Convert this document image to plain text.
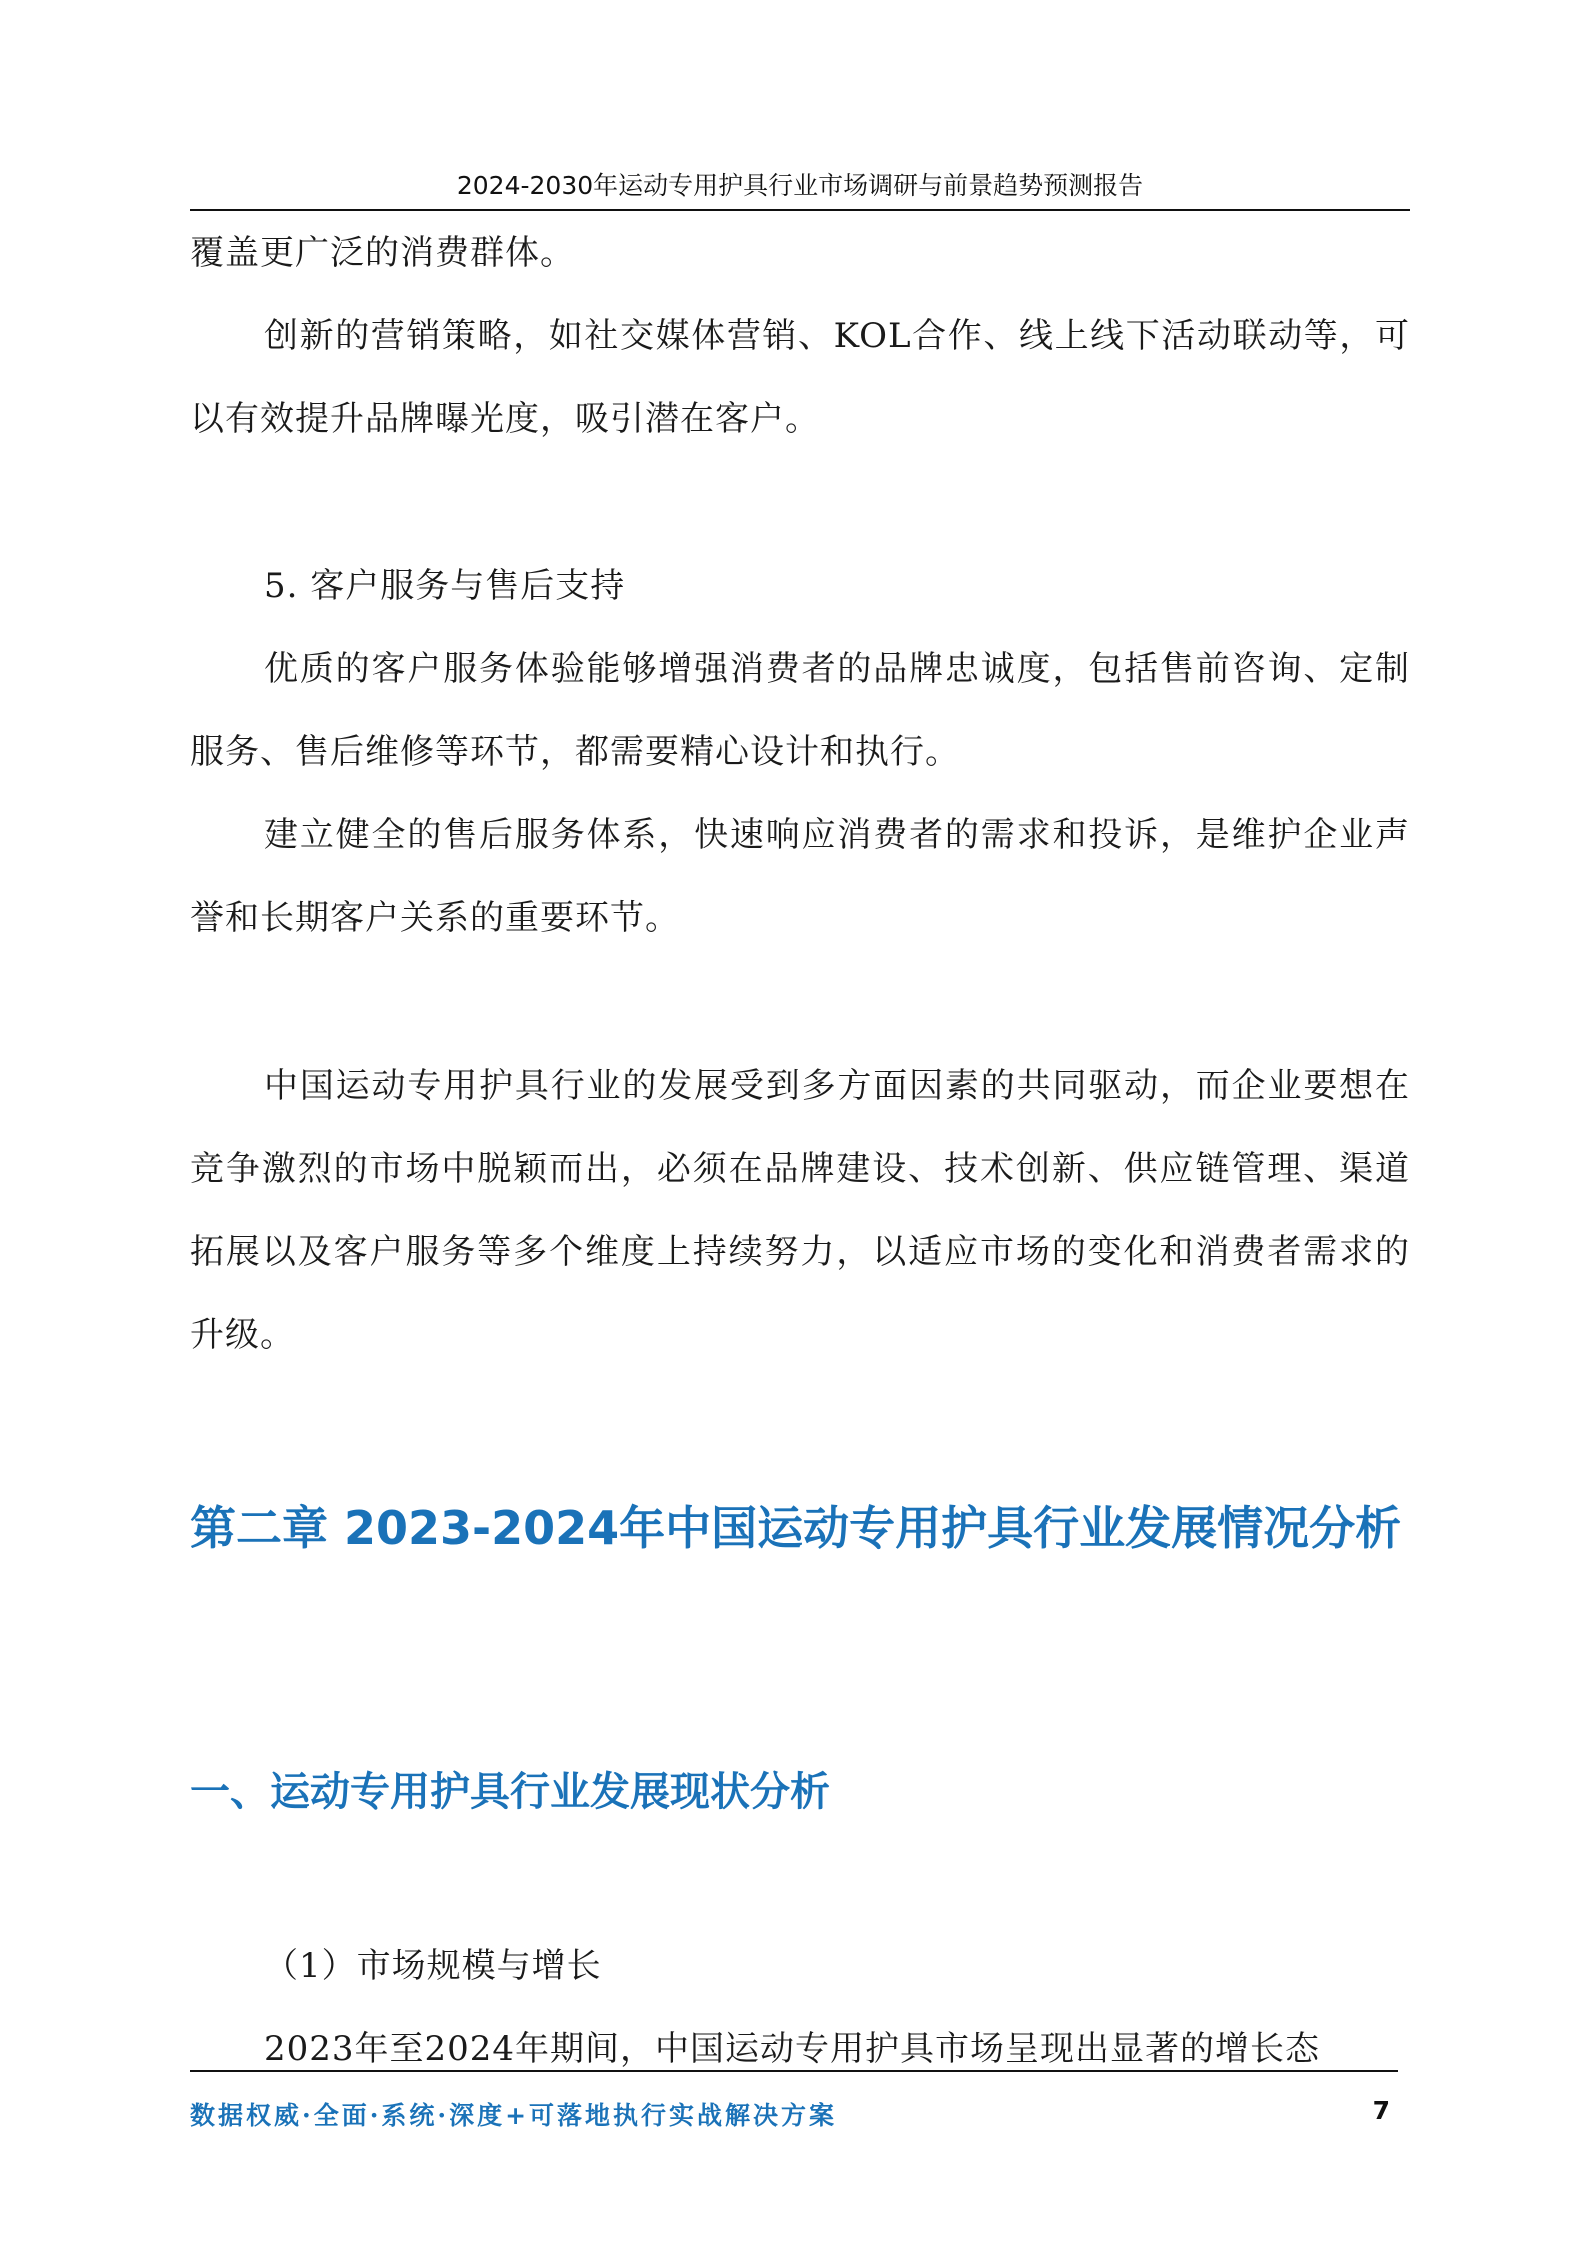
2024-2030年运动专用护具行业市场调研与前景趋势预测报告

覆盖更广泛的消费群体。

创新的营销策略，如社交媒体营销、KOL合作、线上线下活动联动等，可以有效提升品牌曝光度，吸引潜在客户。

5. 客户服务与售后支持

优质的客户服务体验能够增强消费者的品牌忠诚度，包括售前咨询、定制服务、售后维修等环节，都需要精心设计和执行。

建立健全的售后服务体系，快速响应消费者的需求和投诉，是维护企业声誉和长期客户关系的重要环节。

中国运动专用护具行业的发展受到多方面因素的共同驱动，而企业要想在竞争激烈的市场中脱颖而出，必须在品牌建设、技术创新、供应链管理、渠道拓展以及客户服务等多个维度上持续努力，以适应市场的变化和消费者需求的升级。

第二章 2023-2024年中国运动专用护具行业发展情况分析
一、运动专用护具行业发展现状分析

（1）市场规模与增长

2023年至2024年期间，中国运动专用护具市场呈现出显著的增长态

数据权威·全面·系统·深度+可落地执行实战解决方案	7
